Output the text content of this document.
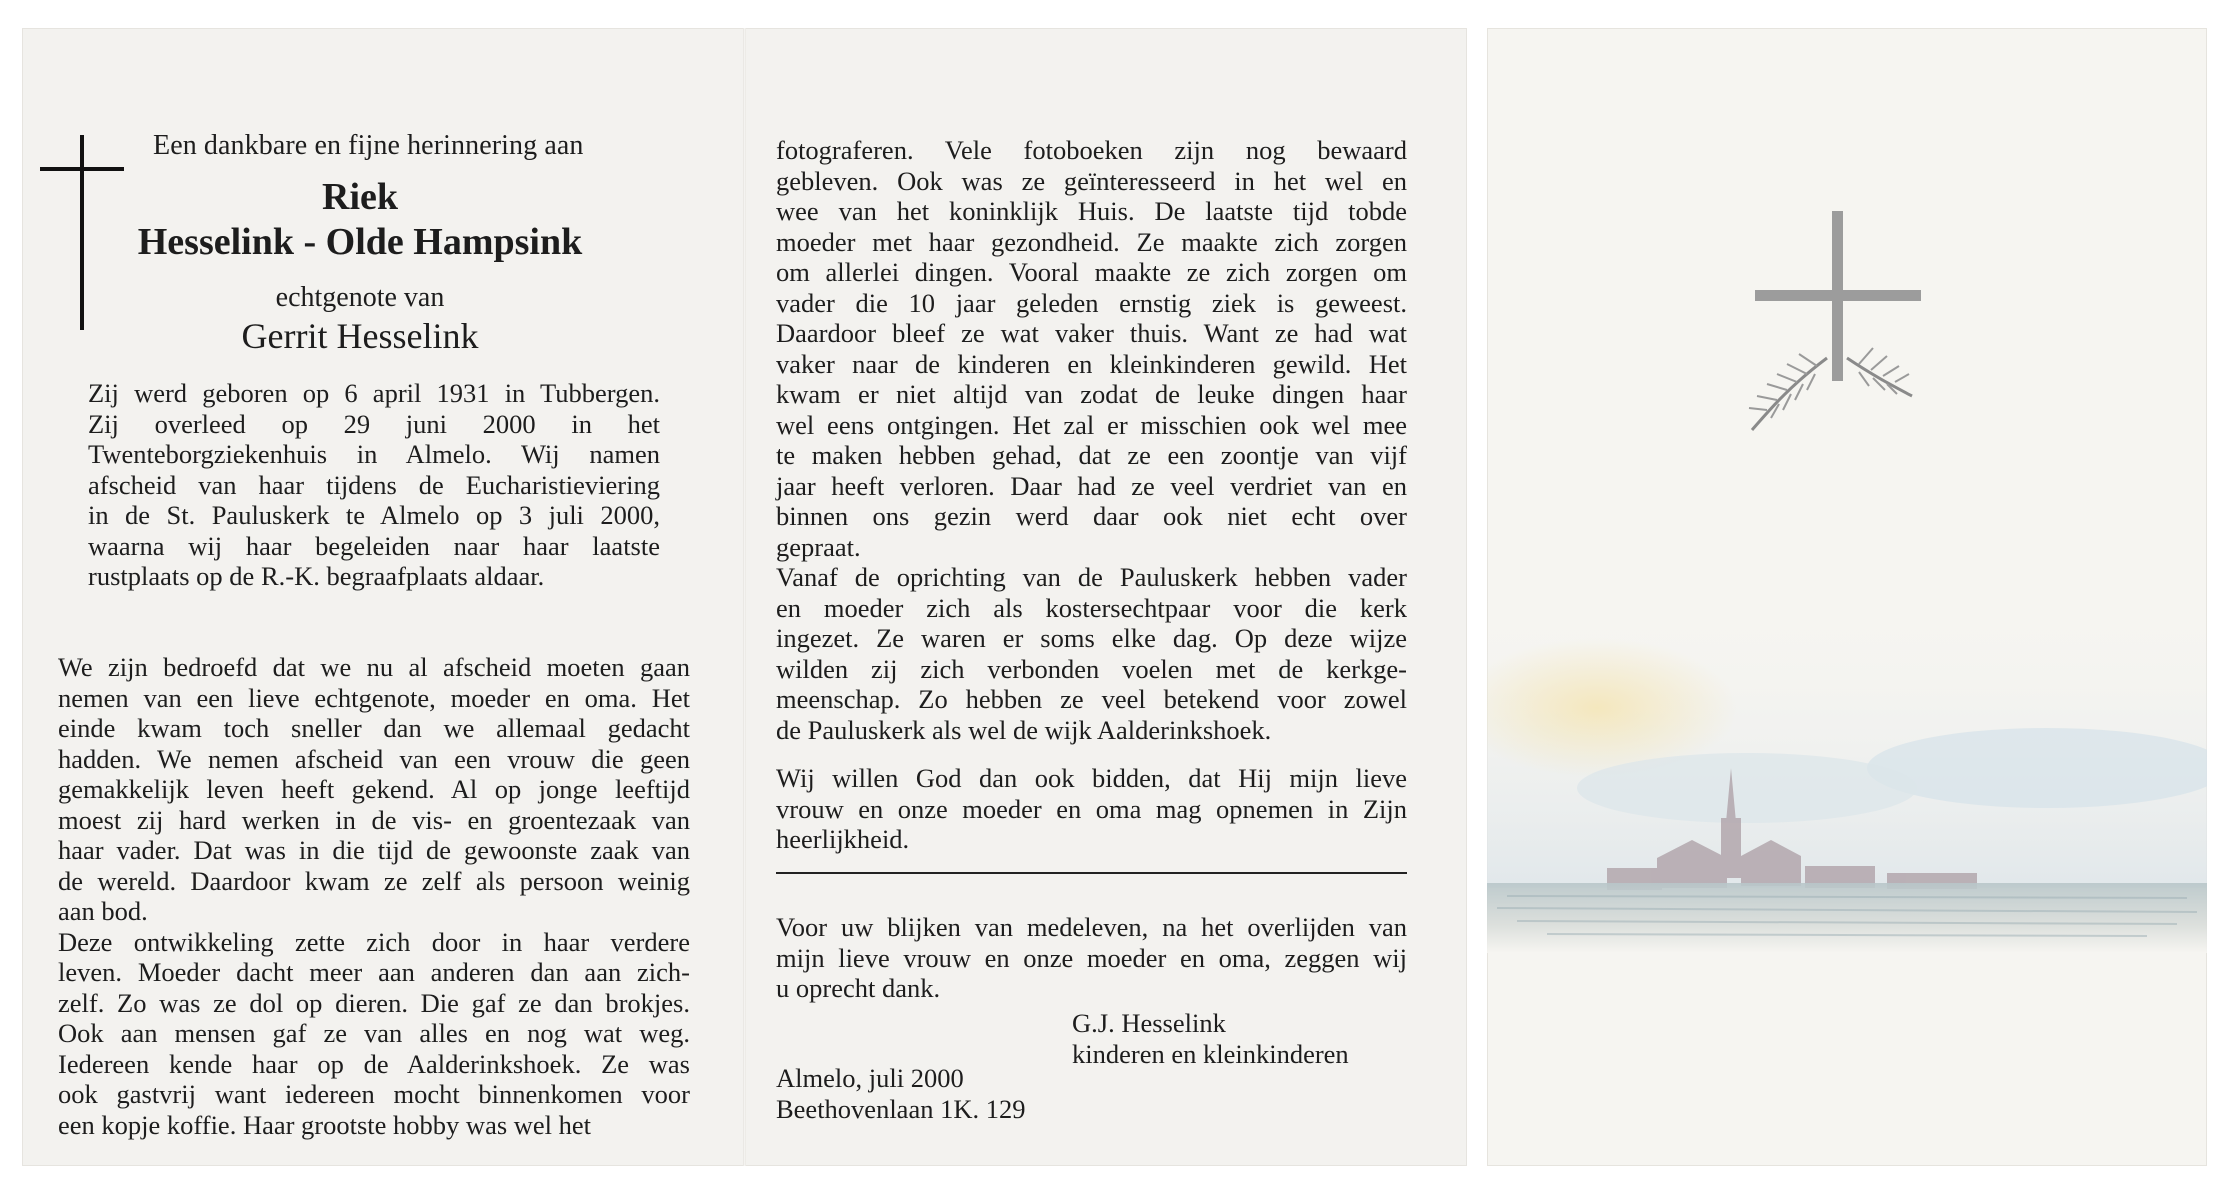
Een dankbare en fijne herinnering aan
Riek
Hesselink - Olde Hampsink
echtgenote van
Gerrit Hesselink
Zij werd geboren op 6 april 1931 in Tubbergen.
Zij overleed op 29 juni 2000 in het
Twenteborgziekenhuis in Almelo. Wij namen
afscheid van haar tijdens de Eucharistieviering
in de St. Pauluskerk te Almelo op 3 juli 2000,
waarna wij haar begeleiden naar haar laatste
rustplaats op de R.-K. begraafplaats aldaar.
We zijn bedroefd dat we nu al afscheid moeten gaan
nemen van een lieve echtgenote, moeder en oma. Het
einde kwam toch sneller dan we allemaal gedacht
hadden. We nemen afscheid van een vrouw die geen
gemakkelijk leven heeft gekend. Al op jonge leeftijd
moest zij hard werken in de vis- en groentezaak van
haar vader. Dat was in die tijd de gewoonste zaak van
de wereld. Daardoor kwam ze zelf als persoon weinig
aan bod.
Deze ontwikkeling zette zich door in haar verdere
leven. Moeder dacht meer aan anderen dan aan zich-
zelf. Zo was ze dol op dieren. Die gaf ze dan brokjes.
Ook aan mensen gaf ze van alles en nog wat weg.
Iedereen kende haar op de Aalderinkshoek. Ze was
ook gastvrij want iedereen mocht binnenkomen voor
een kopje koffie. Haar grootste hobby was wel het
fotograferen. Vele fotoboeken zijn nog bewaard
gebleven. Ook was ze geïnteresseerd in het wel en
wee van het koninklijk Huis. De laatste tijd tobde
moeder met haar gezondheid. Ze maakte zich zorgen
om allerlei dingen. Vooral maakte ze zich zorgen om
vader die 10 jaar geleden ernstig ziek is geweest.
Daardoor bleef ze wat vaker thuis. Want ze had wat
vaker naar de kinderen en kleinkinderen gewild. Het
kwam er niet altijd van zodat de leuke dingen haar
wel eens ontgingen. Het zal er misschien ook wel mee
te maken hebben gehad, dat ze een zoontje van vijf
jaar heeft verloren. Daar had ze veel verdriet van en
binnen ons gezin werd daar ook niet echt over
gepraat.
Vanaf de oprichting van de Pauluskerk hebben vader
en moeder zich als kostersechtpaar voor die kerk
ingezet. Ze waren er soms elke dag. Op deze wijze
wilden zij zich verbonden voelen met de kerkge-
meenschap. Zo hebben ze veel betekend voor zowel
de Pauluskerk als wel de wijk Aalderinkshoek.
Wij willen God dan ook bidden, dat Hij mijn lieve
vrouw en onze moeder en oma mag opnemen in Zijn
heerlijkheid.
Voor uw blijken van medeleven, na het overlijden van
mijn lieve vrouw en onze moeder en oma, zeggen wij
u oprecht dank.
G.J. Hesselink
kinderen en kleinkinderen
Almelo, juli 2000
Beethovenlaan 1K. 129
